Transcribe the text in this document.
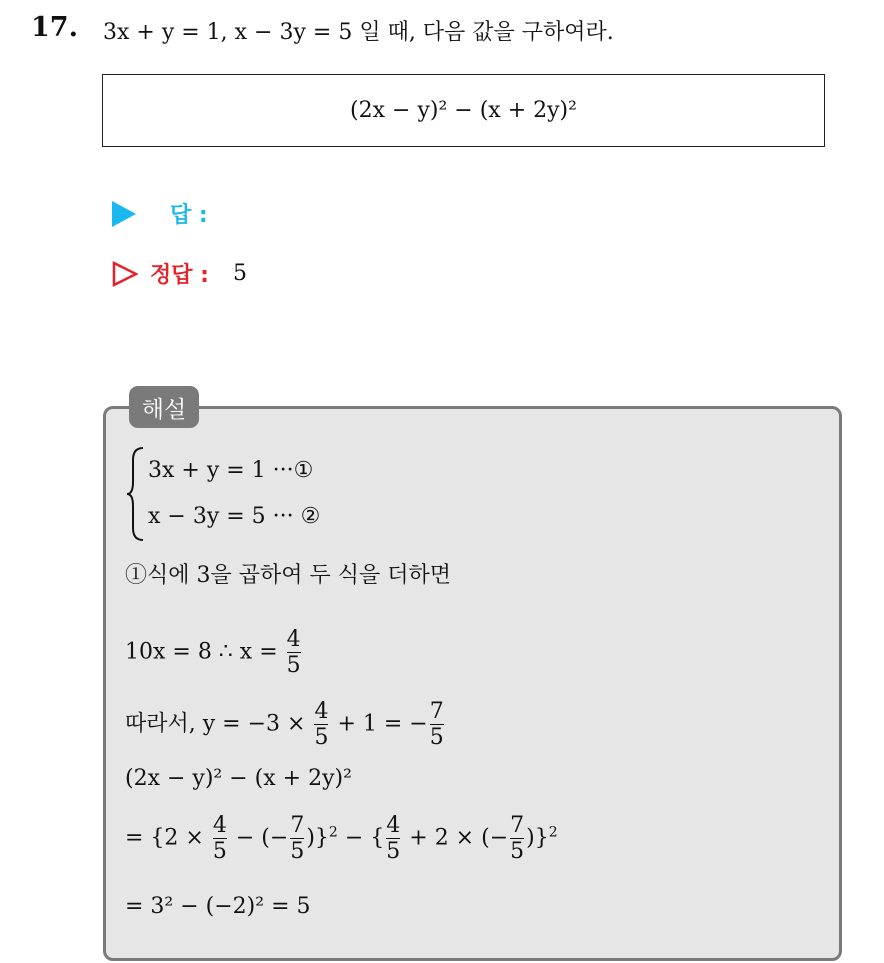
17. 3x + y = 1, x − 3y = 5 일 때, 다음 값을 구하여라.
(2x − y)² − (x + 2y)²
답 :
정답 : 5
해설
3x + y = 1 ···①
x − 3y = 5 ··· ②
①식에 3을 곱하여 두 식을 더하면
10x = 8 ∴ $x = \frac{4}{5}$
따라서, $y = -3 \times \frac{4}{5} + 1$ = − $\frac{7}{5}$
(2x − y)² − (x + 2y)²
= {$2 \times \frac{4}{5}$ − (− $\frac{7}{5} )\}^2$ − { $\frac{4}{5} + 2$ × (− $\frac{7}{5} )\}^2$
= 3² − (−2)² = 5
